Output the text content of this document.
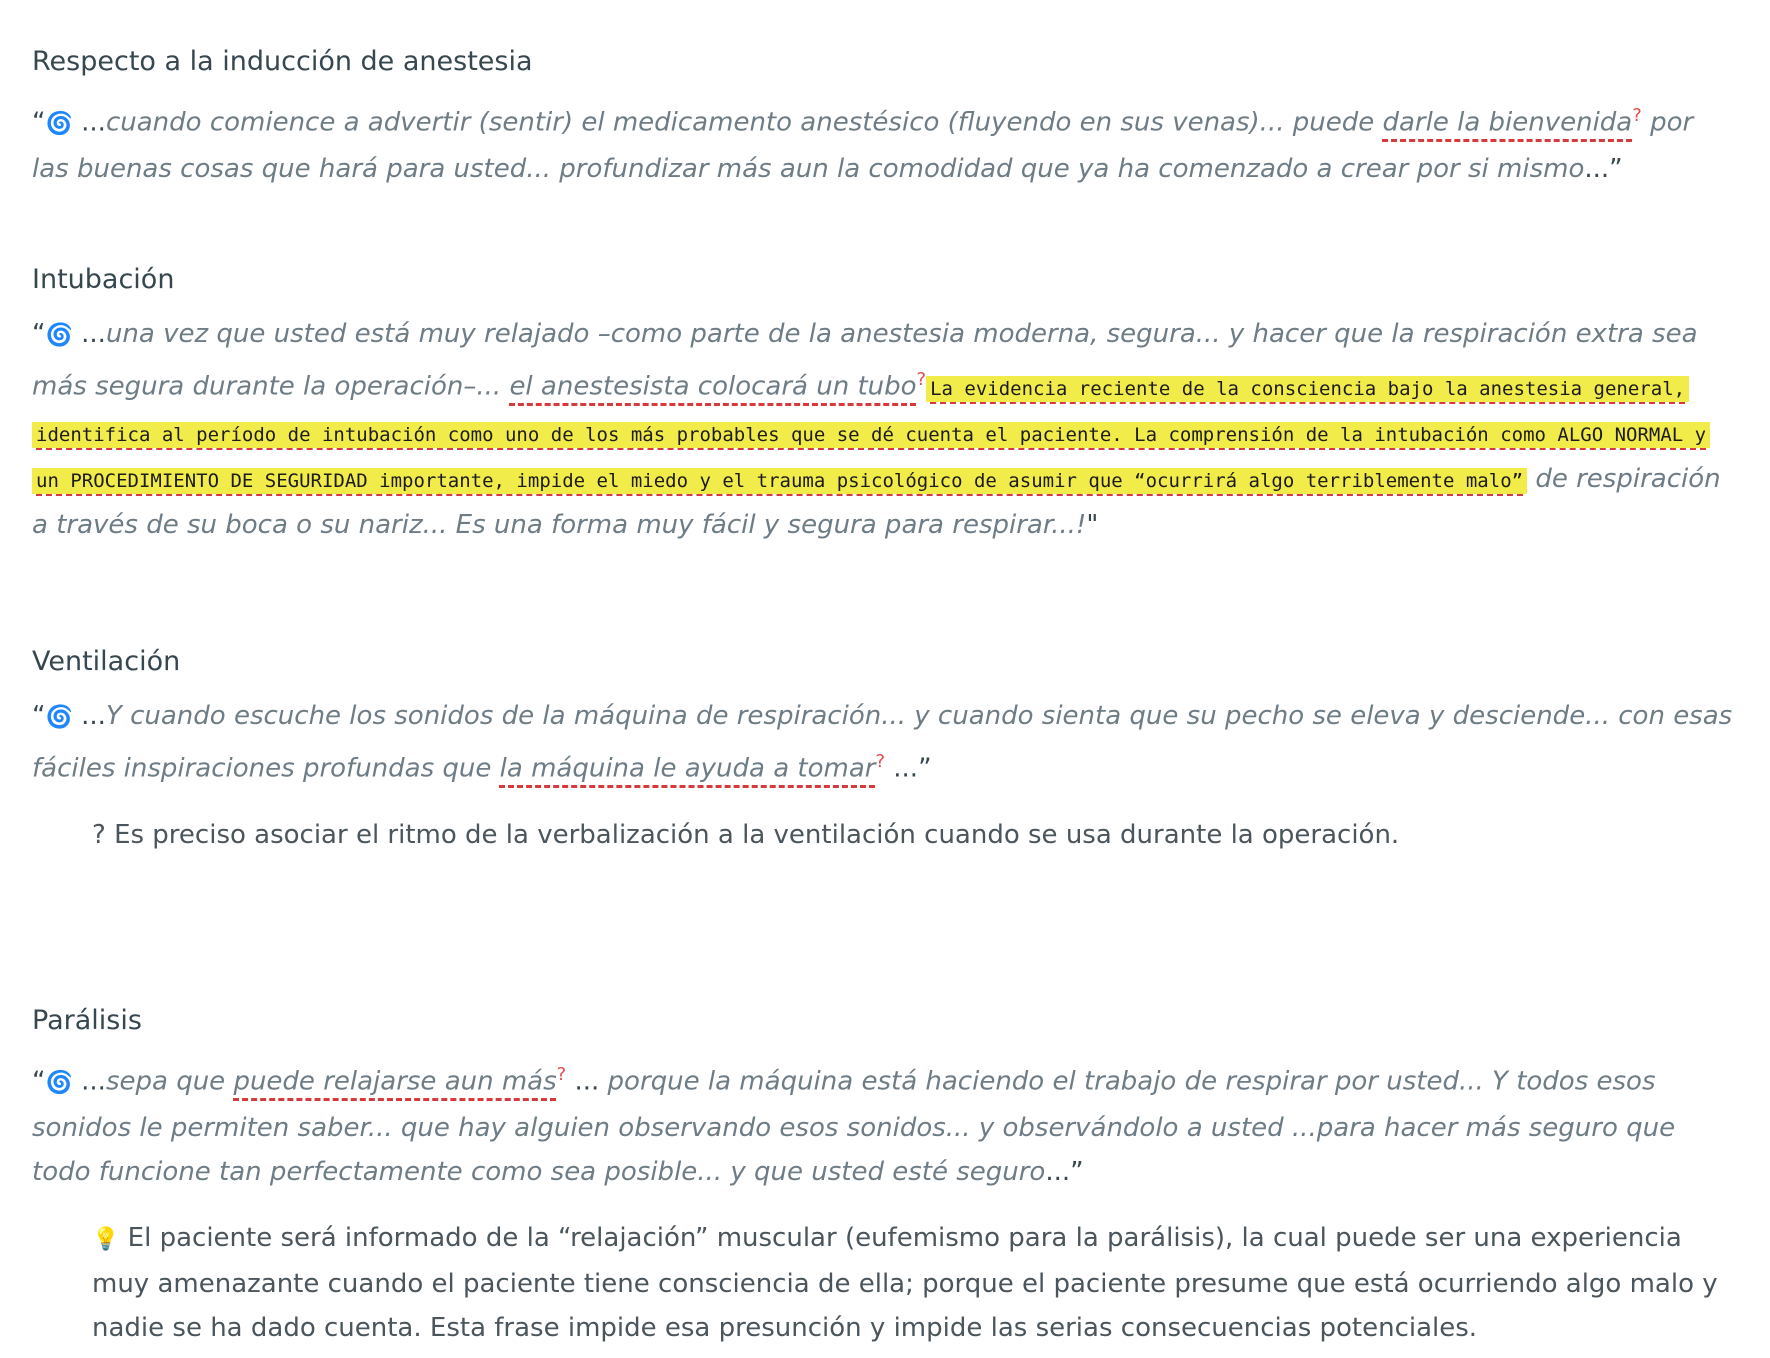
Respecto a la inducción de anestesia

“🌀 ...cuando comience a advertir (sentir) el medicamento anestésico (fluyendo en sus venas)... puede darle la bienvenida? por las buenas cosas que hará para usted... profundizar más aun la comodidad que ya ha comenzado a crear por si mismo...”

Intubación

“🌀 ...una vez que usted está muy relajado –como parte de la anestesia moderna, segura... y hacer que la respiración extra sea más segura durante la operación–... el anestesista colocará un tubo? La evidencia reciente de la consciencia bajo la anestesia general, identifica al período de intubación como uno de los más probables que se dé cuenta el paciente. La comprensión de la intubación como ALGO NORMAL y un PROCEDIMIENTO DE SEGURIDAD importante, impide el miedo y el trauma psicológico de asumir que “ocurrirá algo terriblemente malo” de respiración a través de su boca o su nariz... Es una forma muy fácil y segura para respirar...!"

Ventilación

“🌀 ...Y cuando escuche los sonidos de la máquina de respiración... y cuando sienta que su pecho se eleva y desciende... con esas fáciles inspiraciones profundas que la máquina le ayuda a tomar? ...”

? Es preciso asociar el ritmo de la verbalización a la ventilación cuando se usa durante la operación.

Parálisis

“🌀 ...sepa que puede relajarse aun más? ... porque la máquina está haciendo el trabajo de respirar por usted... Y todos esos sonidos le permiten saber... que hay alguien observando esos sonidos... y observándolo a usted ...para hacer más seguro que todo funcione tan perfectamente como sea posible... y que usted esté seguro...”

💡 El paciente será informado de la “relajación” muscular (eufemismo para la parálisis), la cual puede ser una experiencia muy amenazante cuando el paciente tiene consciencia de ella; porque el paciente presume que está ocurriendo algo malo y nadie se ha dado cuenta. Esta frase impide esa presunción y impide las serias consecuencias potenciales.
